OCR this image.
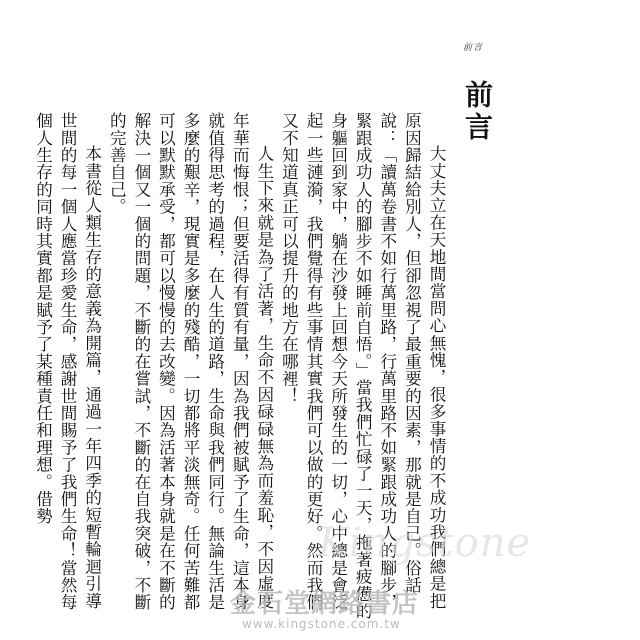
前言
前言

大丈夫立在天地間當問心無愧，很多事情的不成功我們總是把原因歸結給別人，但卻忽視了最重要的因素，那就是自己。俗話說：「讀萬卷書不如行萬里路，行萬里路不如緊跟成功人的腳步，緊跟成功人的腳步不如睡前自悟。」當我們忙碌了一天，拖著疲憊的身軀回到家中，躺在沙發上回想今天所發生的一切，心中總是會泛起一些漣漪，我們覺得有些事情其實我們可以做的更好。然而我們又不知道真正可以提升的地方在哪裡！

人生下來就是為了活著，生命不因碌碌無為而羞恥，不因虛度年華而悔恨；但要活得有質有量，因為我們被賦予了生命，這本身就值得思考的過程，在人生的道路，生命與我們同行。無論生活是多麼的艱辛，現實是多麼的殘酷，一切都將平淡無奇。任何苦難都可以默默承受，都可以慢慢的去改變。因為活著本身就是在不斷的解決一個又一個的問題，不斷的在嘗試，不斷的在自我突破，不斷的完善自己。

本書從人類生存的意義為開篇，通過一年四季的短暫輪迴引導世間的每一個人應當珍愛生命，感謝世間賜予了我們生命！當然每個人生存的同時其實都是賦予了某種責任和理想。借勢

Kingstone
金石堂網路書店
www.kingstone.com.tw
